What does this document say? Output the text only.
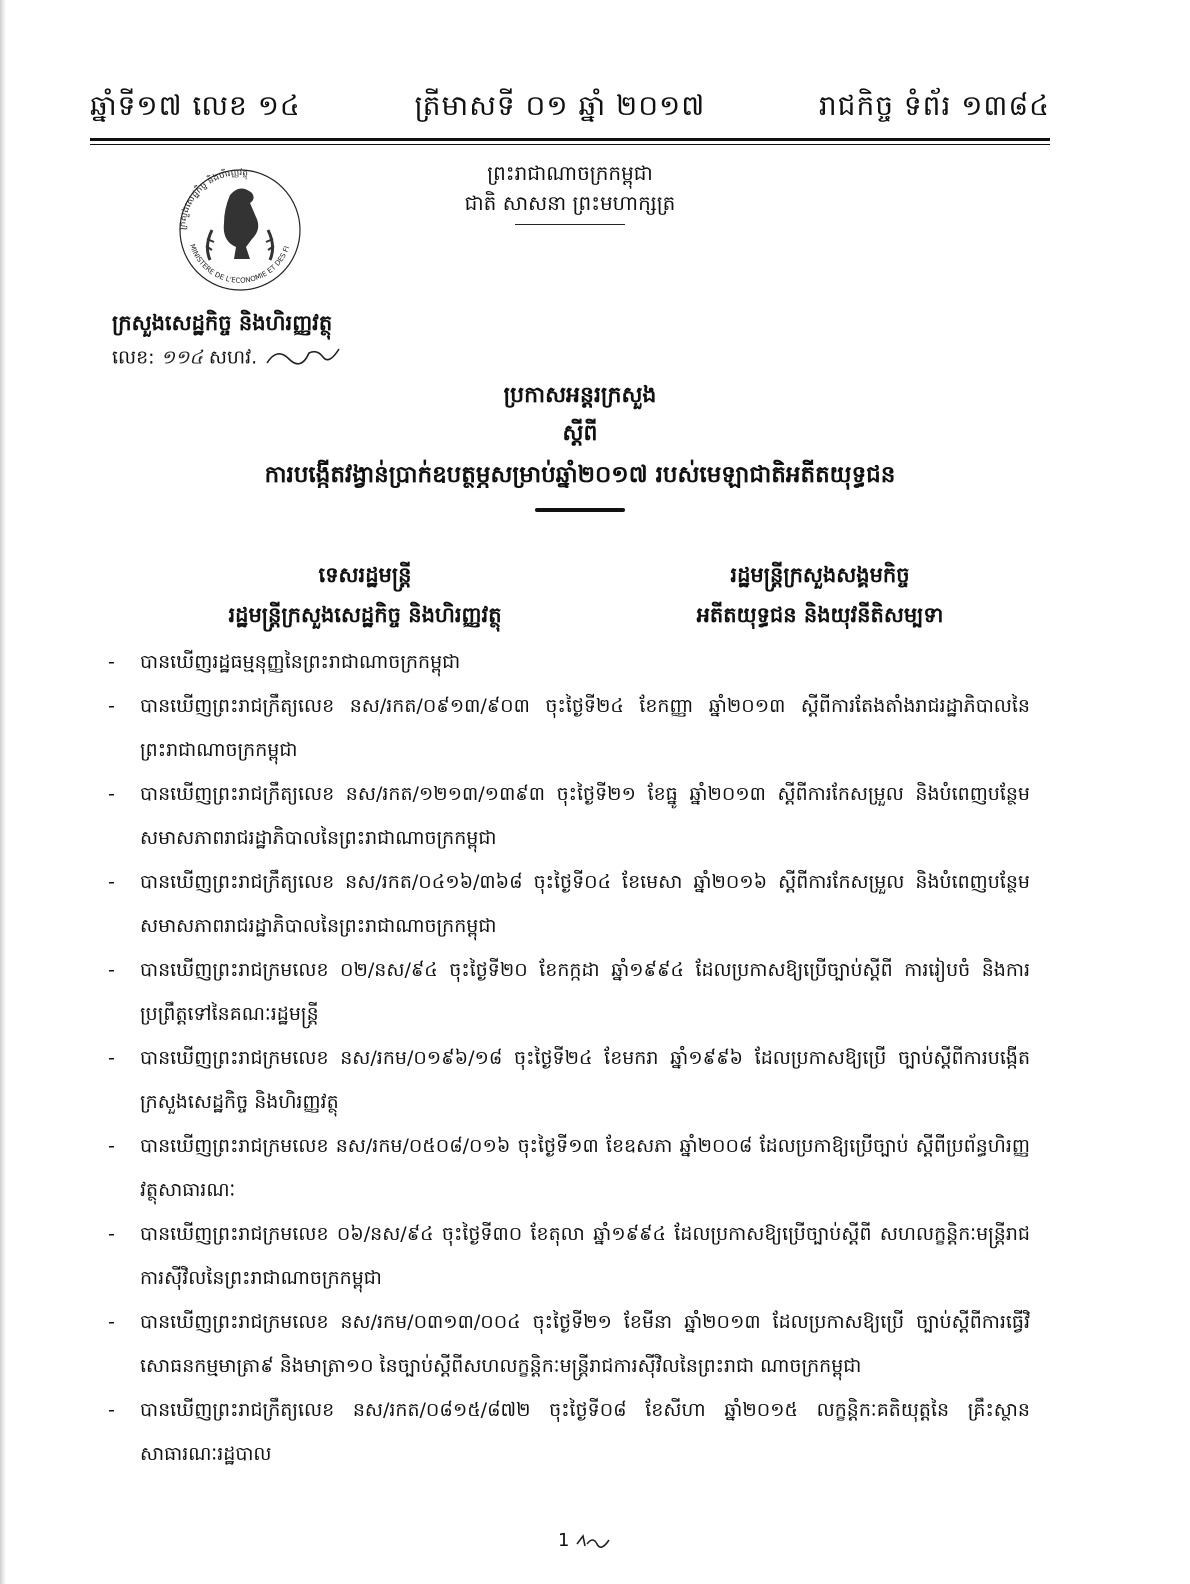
ឆ្នាំទី១៧ លេខ ១៤	ត្រីមាសទី ០១ ឆ្នាំ ២០១៧	រាជកិច្ច ទំព័រ ១៣៨៤
ក្រសួងសេដ្ឋកិច្ច និងហិរញ្ញវត្ថុ
MINISTERE DE L'ECONOMIE ET DES FI
ព្រះរាជាណាចក្រកម្ពុជា
ជាតិ សាសនា ព្រះមហាក្សត្រ
ក្រសួងសេដ្ឋកិច្ច និងហិរញ្ញវត្ថុ
លេខ: ១១៤ សហវ.
ប្រកាសអន្តរក្រសួង
ស្តីពី
ការបង្កើតវង្វាន់ប្រាក់ឧបត្ថម្ភសម្រាប់ឆ្នាំ២០១៧ របស់មេឡាជាតិអតីតយុទ្ធជន
ទេសរដ្ឋមន្ត្រី
រដ្ឋមន្ត្រីក្រសួងសេដ្ឋកិច្ច និងហិរញ្ញវត្ថុ
រដ្ឋមន្ត្រីក្រសួងសង្គមកិច្ច
អតីតយុទ្ធជន និងយុវនីតិសម្បទា
- បានឃើញរដ្ឋធម្មនុញ្ញនៃព្រះរាជាណាចក្រកម្ពុជា
- បានឃើញព្រះរាជក្រឹត្យលេខ នស/រកត/០៩១៣/៩០៣ ចុះថ្ងៃទី២៤ ខែកញ្ញា ឆ្នាំ២០១៣ ស្តីពីការតែងតាំងរាជរដ្ឋាភិបាលនៃព្រះរាជាណាចក្រកម្ពុជា
- បានឃើញព្រះរាជក្រឹត្យលេខ នស/រកត/១២១៣/១៣៩៣ ចុះថ្ងៃទី២១ ខែធ្នូ ឆ្នាំ២០១៣ ស្តីពីការកែសម្រួល និងបំពេញបន្ថែមសមាសភាពរាជរដ្ឋាភិបាលនៃព្រះរាជាណាចក្រកម្ពុជា
- បានឃើញព្រះរាជក្រឹត្យលេខ នស/រកត/០៤១៦/៣៦៨ ចុះថ្ងៃទី០៤ ខែមេសា ឆ្នាំ២០១៦ ស្តីពីការកែសម្រួល និងបំពេញបន្ថែមសមាសភាពរាជរដ្ឋាភិបាលនៃព្រះរាជាណាចក្រកម្ពុជា
- បានឃើញព្រះរាជក្រមលេខ ០២/នស/៩៤ ចុះថ្ងៃទី២០ ខែកក្កដា ឆ្នាំ១៩៩៤ ដែលប្រកាសឱ្យប្រើច្បាប់ស្តីពី ការរៀបចំ និងការប្រព្រឹត្តទៅនៃគណៈរដ្ឋមន្ត្រី
- បានឃើញព្រះរាជក្រមលេខ នស/រកម/០១៩៦/១៨ ចុះថ្ងៃទី២៤ ខែមករា ឆ្នាំ១៩៩៦ ដែលប្រកាសឱ្យប្រើ ច្បាប់ស្តីពីការបង្កើតក្រសួងសេដ្ឋកិច្ច និងហិរញ្ញវត្ថុ
- បានឃើញព្រះរាជក្រមលេខ នស/រកម/០៥០៨/០១៦ ចុះថ្ងៃទី១៣ ខែឧសភា ឆ្នាំ២០០៨ ដែលប្រកាឱ្យប្រើច្បាប់ ស្តីពីប្រព័ន្ធហិរញ្ញវត្ថុសាធារណៈ
- បានឃើញព្រះរាជក្រមលេខ ០៦/នស/៩៤ ចុះថ្ងៃទី៣០ ខែតុលា ឆ្នាំ១៩៩៤ ដែលប្រកាសឱ្យប្រើច្បាប់ស្តីពី សហលក្ខន្តិកៈមន្ត្រីរាជការស៊ីវិលនៃព្រះរាជាណាចក្រកម្ពុជា
- បានឃើញព្រះរាជក្រមលេខ នស/រកម/០៣១៣/០០៤ ចុះថ្ងៃទី២១ ខែមីនា ឆ្នាំ២០១៣ ដែលប្រកាសឱ្យប្រើ ច្បាប់ស្តីពីការធ្វើវិសោធនកម្មមាត្រា៩ និងមាត្រា១០ នៃច្បាប់ស្តីពីសហលក្ខន្តិកៈមន្ត្រីរាជការស៊ីវិលនៃព្រះរាជា ណាចក្រកម្ពុជា
- បានឃើញព្រះរាជក្រឹត្យលេខ នស/រកត/០៨១៥/៨៧២ ចុះថ្ងៃទី០៨ ខែសីហា ឆ្នាំ២០១៥ លក្ខន្តិកៈគតិយុត្តនៃ គ្រឹះស្ថានសាធារណៈរដ្ឋបាល
1
